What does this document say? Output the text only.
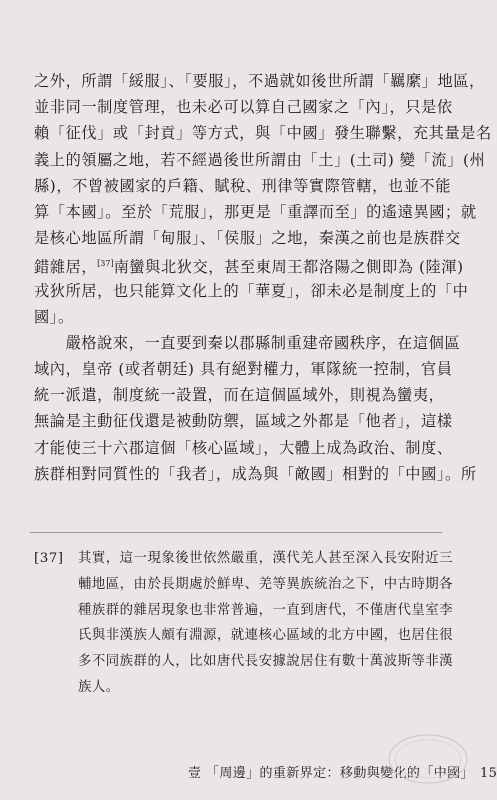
之外，所謂「綏服」、「要服」，不過就如後世所謂「羈縻」地區，
並非同一制度管理，也未必可以算自己國家之「內」，只是依
賴「征伐」或「封貢」等方式，與「中國」發生聯繫，充其量是名
義上的領屬之地，若不經過後世所謂由「土」(土司) 變「流」(州
縣)，不曾被國家的戶籍、賦稅、刑律等實際管轄，也並不能
算「本國」。至於「荒服」，那更是「重譯而至」的遙遠異國；就
是核心地區所謂「甸服」、「侯服」之地，秦漢之前也是族群交
錯雜居，[37]南蠻與北狄交，甚至東周王都洛陽之側即為 (陸渾)
戎狄所居，也只能算文化上的「華夏」，卻未必是制度上的「中
國」。
　　嚴格說來，一直要到秦以郡縣制重建帝國秩序，在這個區
域內，皇帝 (或者朝廷) 具有絕對權力，軍隊統一控制，官員
統一派遣，制度統一設置，而在這個區域外，則視為蠻夷，
無論是主動征伐還是被動防禦，區域之外都是「他者」，這樣
才能使三十六郡這個「核心區域」，大體上成為政治、制度、
族群相對同質性的「我者」，成為與「敵國」相對的「中國」。所
[37] 其實，這一現象後世依然嚴重，漢代羌人甚至深入長安附近三
輔地區，由於長期處於鮮卑、羌等異族統治之下，中古時期各
種族群的雜居現象也非常普遍，一直到唐代，不僅唐代皇室李
氏與非漢族人頗有淵源，就連核心區域的北方中國，也居住很
多不同族群的人，比如唐代長安據說居住有數十萬波斯等非漢
族人。
壹 「周邊」的重新界定：移動與變化的「中國」 15
